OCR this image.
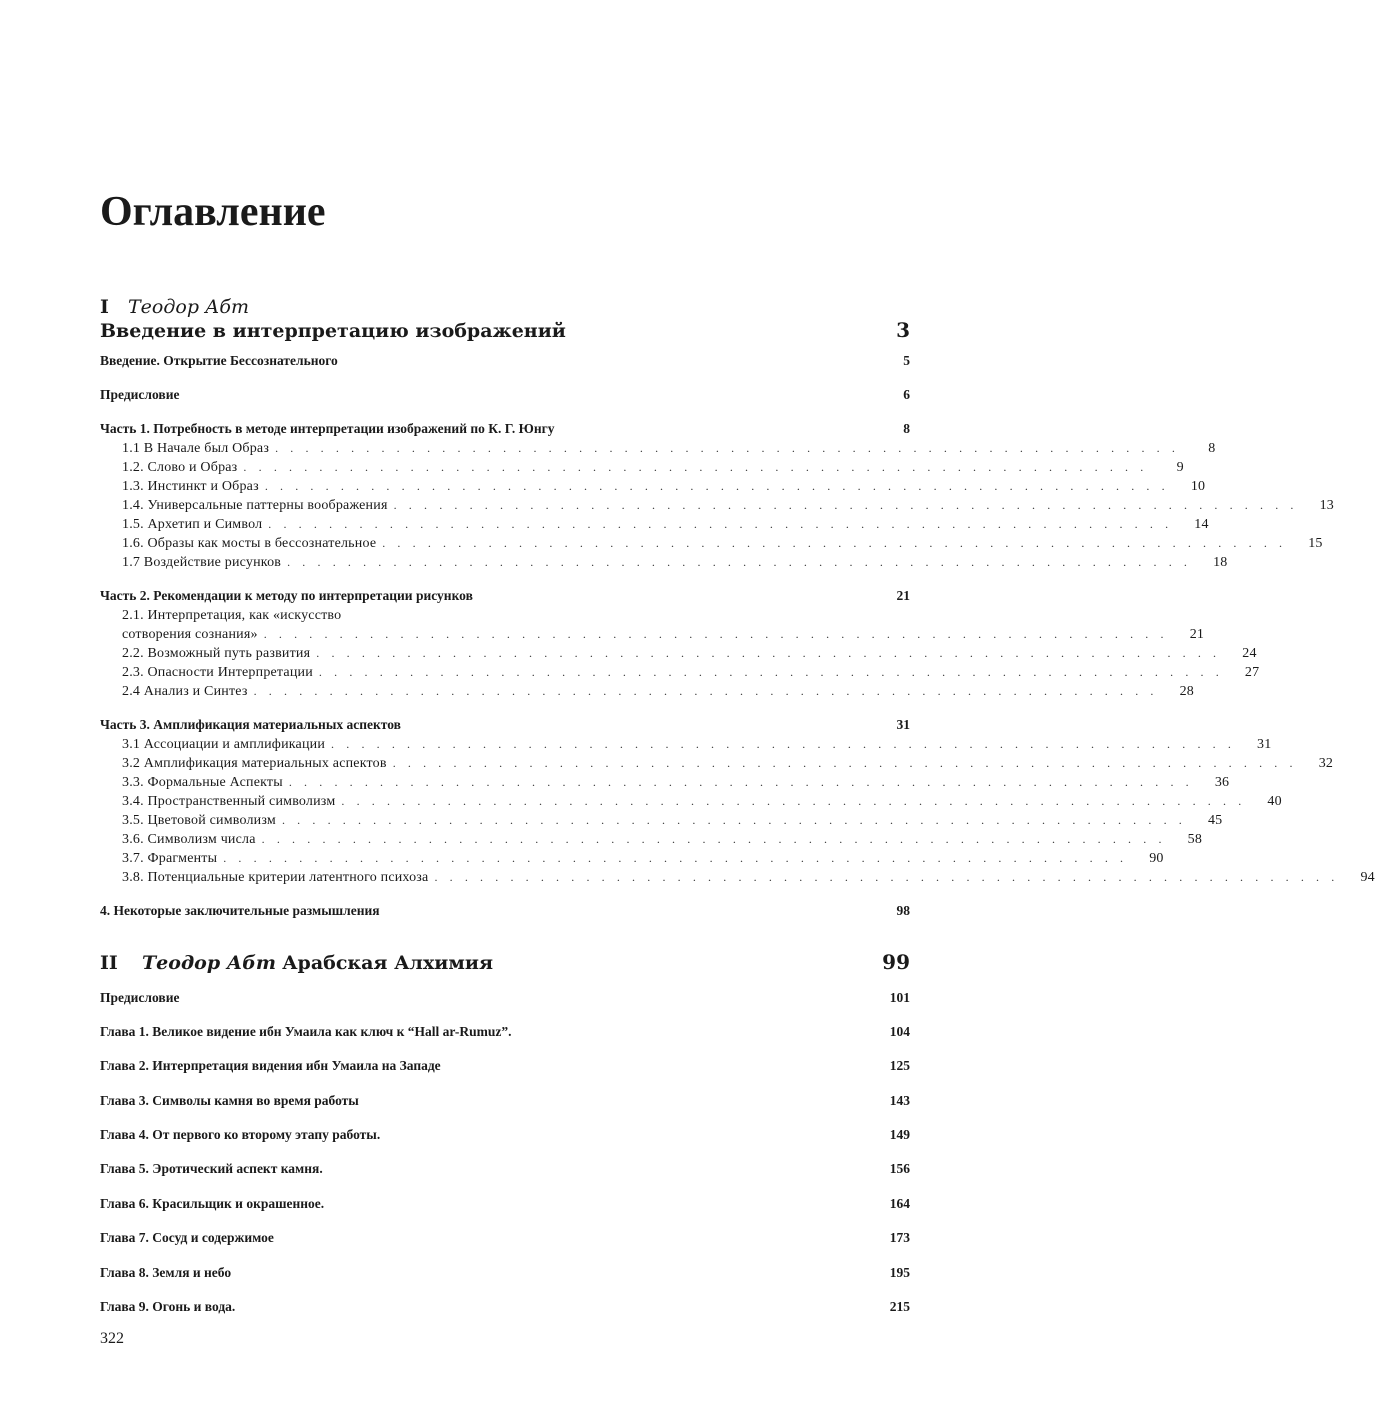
Оглавление
I	Теодор Абт
Введение в интерпретацию изображений	3
Введение. Открытие Бессознательного	5
Предисловие	6
Часть 1. Потребность в методе интерпретации изображений по К. Г. Юнгу	8
1.1 В Начале был Образ . . . . . . . . . . . . . . . . . . . . . . . . . . . . . . . . . . . . . . . . . . . . . . . . . . . . . . . . . . . .	8
1.2. Слово и Образ . . . . . . . . . . . . . . . . . . . . . . . . . . . . . . . . . . . . . . . . . . . . . . . . . . . . . . . . . . . .	9
1.3. Инстинкт и Образ . . . . . . . . . . . . . . . . . . . . . . . . . . . . . . . . . . . . . . . . . . . . . . . . . . . . . . . . . . . .	10
1.4. Универсальные паттерны воображения . . . . . . . . . . . . . . . . . . . . . . . . . . . . . . . . . . . . . . . . . . . . . . . . . . . . . . . . . . . .	13
1.5. Архетип и Символ . . . . . . . . . . . . . . . . . . . . . . . . . . . . . . . . . . . . . . . . . . . . . . . . . . . . . . . . . . . .	14
1.6. Образы как мосты в бессознательное . . . . . . . . . . . . . . . . . . . . . . . . . . . . . . . . . . . . . . . . . . . . . . . . . . . . . . . . . . . .	15
1.7 Воздействие рисунков . . . . . . . . . . . . . . . . . . . . . . . . . . . . . . . . . . . . . . . . . . . . . . . . . . . . . . . . . . . .	18
Часть 2. Рекомендации к методу по интерпретации рисунков	21
2.1. Интерпретация, как «искусство
сотворения сознания» . . . . . . . . . . . . . . . . . . . . . . . . . . . . . . . . . . . . . . . . . . . . . . . . . . . . . . . . . . . .	21
2.2. Возможный путь развития . . . . . . . . . . . . . . . . . . . . . . . . . . . . . . . . . . . . . . . . . . . . . . . . . . . . . . . . . . . .	24
2.3. Опасности Интерпретации . . . . . . . . . . . . . . . . . . . . . . . . . . . . . . . . . . . . . . . . . . . . . . . . . . . . . . . . . . . .	27
2.4 Анализ и Синтез . . . . . . . . . . . . . . . . . . . . . . . . . . . . . . . . . . . . . . . . . . . . . . . . . . . . . . . . . . . .	28
Часть 3. Амплификация материальных аспектов	31
3.1 Ассоциации и амплификации . . . . . . . . . . . . . . . . . . . . . . . . . . . . . . . . . . . . . . . . . . . . . . . . . . . . . . . . . . . .	31
3.2 Амплификация материальных аспектов . . . . . . . . . . . . . . . . . . . . . . . . . . . . . . . . . . . . . . . . . . . . . . . . . . . . . . . . . . . .	32
3.3. Формальные Аспекты . . . . . . . . . . . . . . . . . . . . . . . . . . . . . . . . . . . . . . . . . . . . . . . . . . . . . . . . . . . .	36
3.4. Пространственный символизм . . . . . . . . . . . . . . . . . . . . . . . . . . . . . . . . . . . . . . . . . . . . . . . . . . . . . . . . . . . .	40
3.5. Цветовой символизм . . . . . . . . . . . . . . . . . . . . . . . . . . . . . . . . . . . . . . . . . . . . . . . . . . . . . . . . . . . .	45
3.6. Символизм числа . . . . . . . . . . . . . . . . . . . . . . . . . . . . . . . . . . . . . . . . . . . . . . . . . . . . . . . . . . . .	58
3.7. Фрагменты . . . . . . . . . . . . . . . . . . . . . . . . . . . . . . . . . . . . . . . . . . . . . . . . . . . . . . . . . . . .	90
3.8. Потенциальные критерии латентного психоза . . . . . . . . . . . . . . . . . . . . . . . . . . . . . . . . . . . . . . . . . . . . . . . . . . . . . . . . . . . .	94
4. Некоторые заключительные размышления	98
II Теодор Абт Арабская Алхимия	99
Предисловие	101
Глава 1. Великое видение ибн Умаила как ключ к “Hall ar-Rumuz”.	104
Глава 2. Интерпретация видения ибн Умаила на Западе	125
Глава 3. Символы камня во время работы	143
Глава 4. От первого ко второму этапу работы.	149
Глава 5. Эротический аспект камня.	156
Глава 6. Красильщик и окрашенное.	164
Глава 7. Сосуд и содержимое	173
Глава 8. Земля и небо	195
Глава 9. Огонь и вода.	215
322
